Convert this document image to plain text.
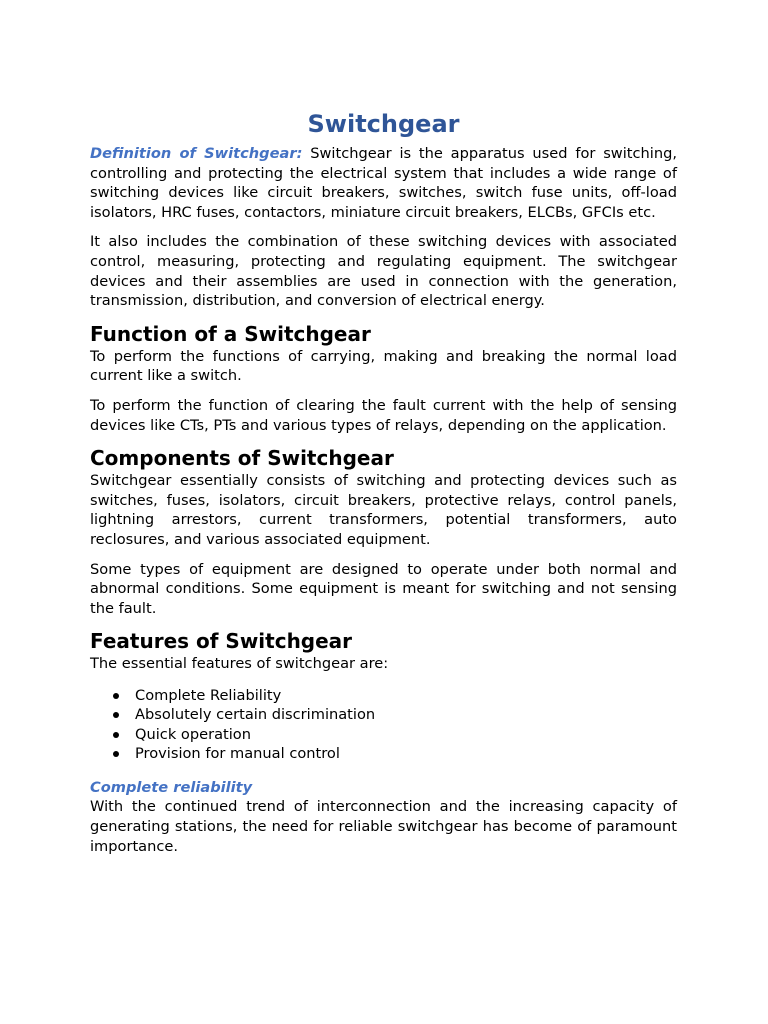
Switchgear

Definition of Switchgear: Switchgear is the apparatus used for switching, controlling and protecting the electrical system that includes a wide range of switching devices like circuit breakers, switches, switch fuse units, off-load isolators, HRC fuses, contactors, miniature circuit breakers, ELCBs, GFCIs etc.

It also includes the combination of these switching devices with associated control, measuring, protecting and regulating equipment. The switchgear devices and their assemblies are used in connection with the generation, transmission, distribution, and conversion of electrical energy.

Function of a Switchgear

To perform the functions of carrying, making and breaking the normal load current like a switch.

To perform the function of clearing the fault current with the help of sensing devices like CTs, PTs and various types of relays, depending on the application.

Components of Switchgear

Switchgear essentially consists of switching and protecting devices such as switches, fuses, isolators, circuit breakers, protective relays, control panels, lightning arrestors, current transformers, potential transformers, auto reclosures, and various associated equipment.

Some types of equipment are designed to operate under both normal and abnormal conditions. Some equipment is meant for switching and not sensing the fault.

Features of Switchgear

The essential features of switchgear are:

Complete Reliability
Absolutely certain discrimination
Quick operation
Provision for manual control
Complete reliability

With the continued trend of interconnection and the increasing capacity of generating stations, the need for reliable switchgear has become of paramount importance.
